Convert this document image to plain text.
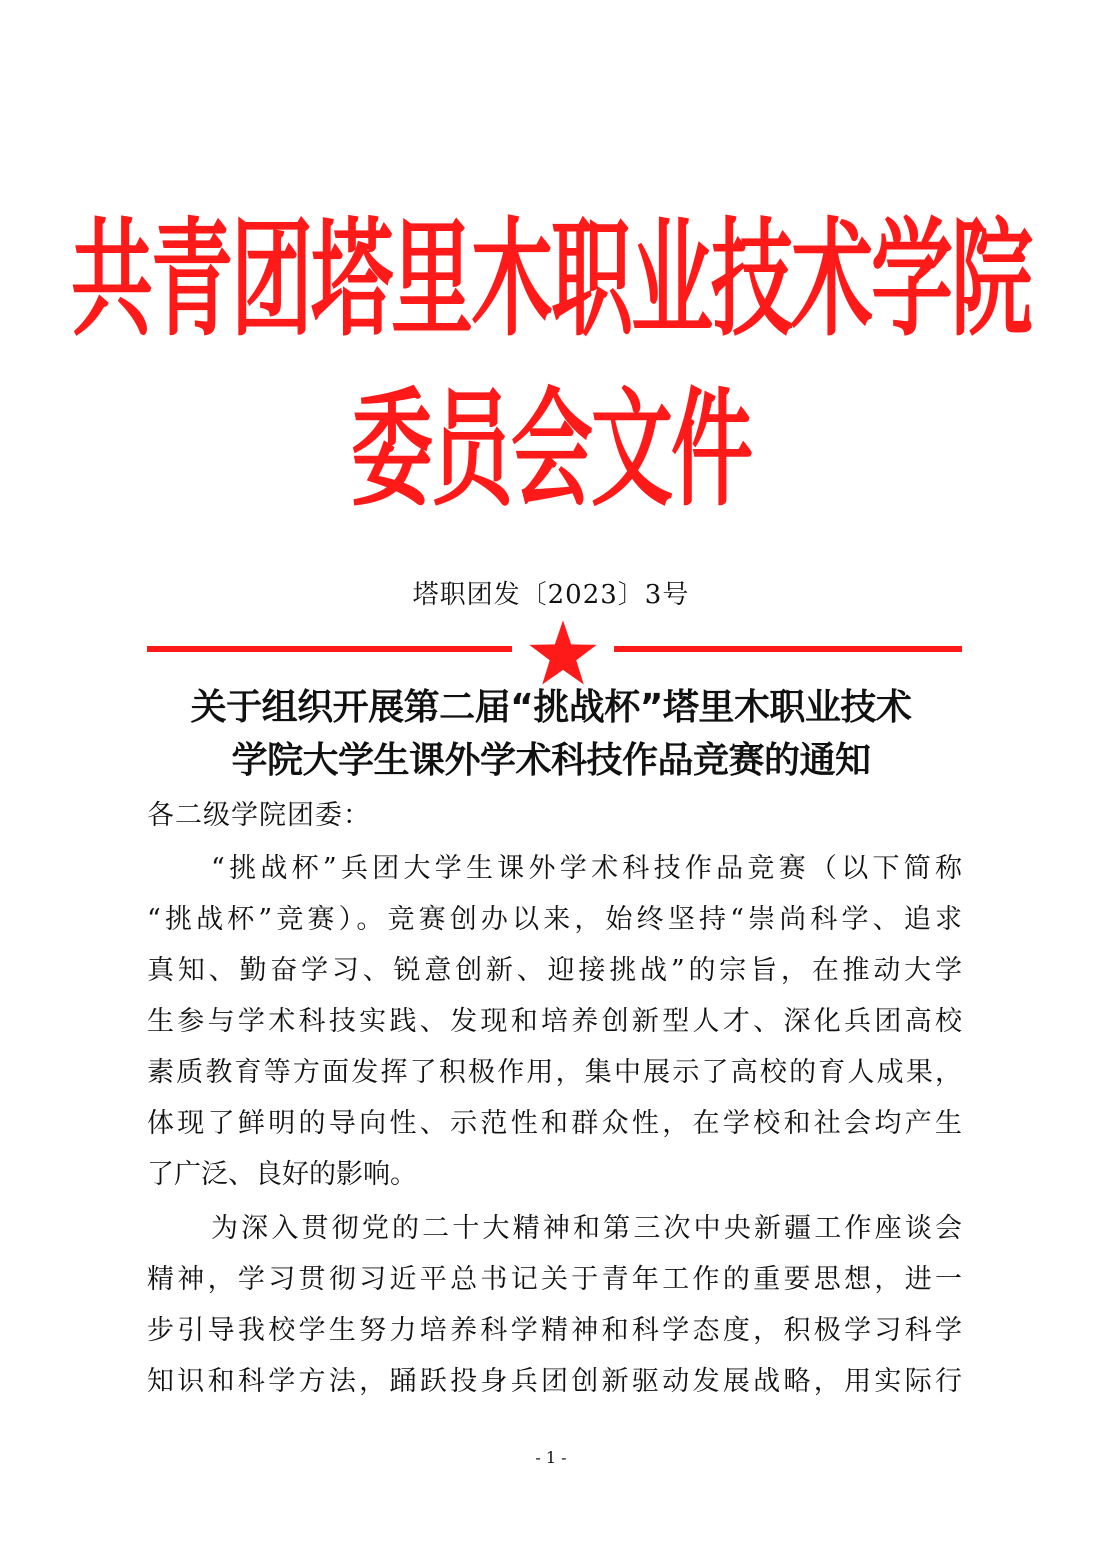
共青团塔里木职业技术学院
委员会文件
塔职团发〔2023〕3号
关于组织开展第二届“挑战杯”塔里木职业技术
学院大学生课外学术科技作品竞赛的通知
各二级学院团委：
“挑战杯”兵团大学生课外学术科技作品竞赛（以下简称
“挑战杯”竞赛）。竞赛创办以来，始终坚持“崇尚科学、追求
真知、勤奋学习、锐意创新、迎接挑战”的宗旨，在推动大学
生参与学术科技实践、发现和培养创新型人才、深化兵团高校
素质教育等方面发挥了积极作用，集中展示了高校的育人成果，
体现了鲜明的导向性、示范性和群众性，在学校和社会均产生
了广泛、良好的影响。
为深入贯彻党的二十大精神和第三次中央新疆工作座谈会
精神，学习贯彻习近平总书记关于青年工作的重要思想，进一
步引导我校学生努力培养科学精神和科学态度，积极学习科学
知识和科学方法，踊跃投身兵团创新驱动发展战略，用实际行
- 1 -
